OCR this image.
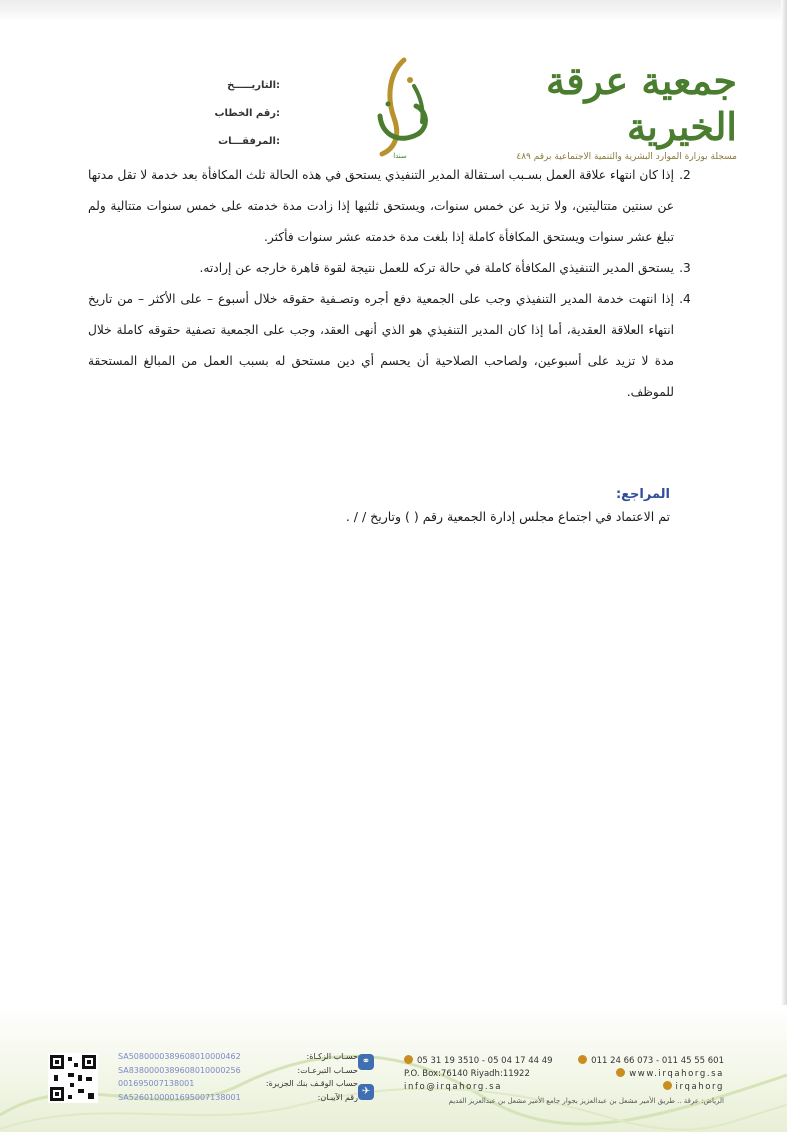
جمعية عرقة الخيرية
مسجلة بوزارة الموارد البشرية والتنمية الاجتماعية برقم ٤٨٩
سندا
التاريـــــخ:
رقم الخطاب:
المرفقـــات:
2.
إذا كان انتهاء علاقة العمل بسـبب اسـتقالة المدير التنفيذي يستحق في هذه الحالة ثلث المكافأة بعد خدمة لا تقل مدتها عن سنتين متتاليتين، ولا تزيد عن خمس سنوات، ويستحق ثلثيها إذا زادت مدة خدمته على خمس سنوات متتالية ولم تبلغ عشر سنوات ويستحق المكافأة كاملة إذا بلغت مدة خدمته عشر سنوات فأكثر.
3.
يستحق المدير التنفيذي المكافأة كاملة في حالة تركه للعمل نتيجة لقوة قاهرة خارجه عن إرادته.
4.
إذا انتهت خدمة المدير التنفيذي وجب على الجمعية دفع أجره وتصـفية حقوقه خلال أسبوع – على الأكثر – من تاريخ انتهاء العلاقة العقدية، أما إذا كان المدير التنفيذي هو الذي أنهى العقد، وجب على الجمعية تصفية حقوقه كاملة خلال مدة لا تزيد على أسبوعين، ولصاحب الصلاحية أن يحسم أي دين مستحق له بسبب العمل من المبالغ المستحقة للموظف.
المراجع:
تم الاعتماد في اجتماع مجلس إدارة الجمعية رقم ( ) وتاريخ / / .
SA5080000389608010000462	حسـاب الزكـاة:
SA8380000389608010000256	حسـاب التبرعـات:
001695007138001	حساب الوقـف بنك الجزيرة:
SA5260100001695007138001	رقم الآيبـان:
⚭
✈
05 31 19 3510 - 05 04 17 44 49	011 24 66 073 - 011 45 55 601
P.O. Box:76140 Riyadh:11922	www.irqahorg.sa
info@irqahorg.sa	irqahorg
الرياض: عرقة .. طريق الأمير مشعل بن عبدالعزيز بجوار جامع الأمير مشعل بن عبدالعزيز القديم
